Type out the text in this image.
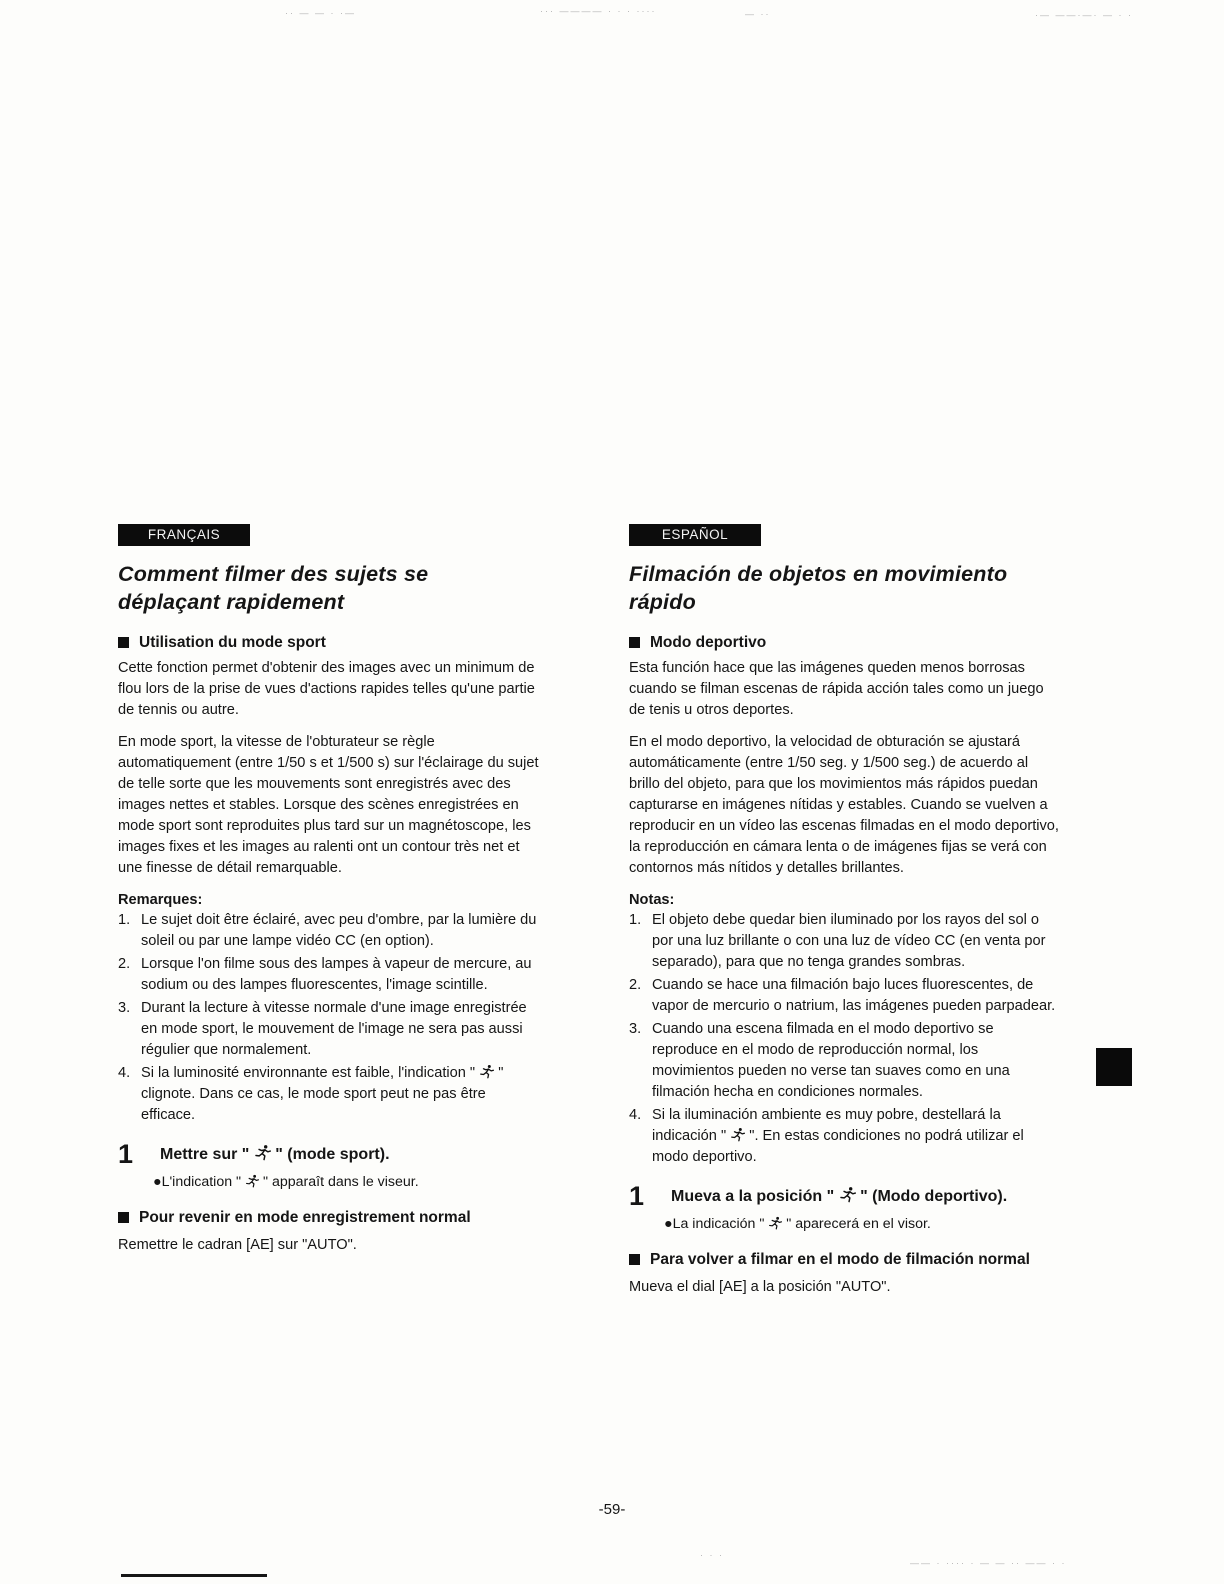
·· — — · ·—	··· ———— · · · ····	— ··	·— ——·—· — · ·
FRANÇAIS
Comment filmer des sujets se déplaçant rapidement
Utilisation du mode sport

Cette fonction permet d'obtenir des images avec un minimum de flou lors de la prise de vues d'actions rapides telles qu'une partie de tennis ou autre.

En mode sport, la vitesse de l'obturateur se règle automatiquement (entre 1/50 s et 1/500 s) sur l'éclairage du sujet de telle sorte que les mouvements sont enregistrés avec des images nettes et stables. Lorsque des scènes enregistrées en mode sport sont reproduites plus tard sur un magnétoscope, les images fixes et les images au ralenti ont un contour très net et une finesse de détail remarquable.

Remarques:
1. Le sujet doit être éclairé, avec peu d'ombre, par la lumière du soleil ou par une lampe vidéo CC (en option).
2. Lorsque l'on filme sous des lampes à vapeur de mercure, au sodium ou des lampes fluorescentes, l'image scintille.
3. Durant la lecture à vitesse normale d'une image enregistrée en mode sport, le mouvement de l'image ne sera pas aussi régulier que normalement.
4. Si la luminosité environnante est faible, l'indication "  " clignote. Dans ce cas, le mode sport peut ne pas être efficace.
1	Mettre sur "  " (mode sport).
●L'indication "  " apparaît dans le viseur.
Pour revenir en mode enregistrement normal

Remettre le cadran [AE] sur "AUTO".

ESPAÑOL
Filmación de objetos en movimiento rápido
Modo deportivo

Esta función hace que las imágenes queden menos borrosas cuando se filman escenas de rápida acción tales como un juego de tenis u otros deportes.

En el modo deportivo, la velocidad de obturación se ajustará automáticamente (entre 1/50 seg. y 1/500 seg.) de acuerdo al brillo del objeto, para que los movimientos más rápidos puedan capturarse en imágenes nítidas y estables. Cuando se vuelven a reproducir en un vídeo las escenas filmadas en el modo deportivo, la reproducción en cámara lenta o de imágenes fijas se verá con contornos más nítidos y detalles brillantes.

Notas:
1. El objeto debe quedar bien iluminado por los rayos del sol o por una luz brillante o con una luz de vídeo CC (en venta por separado), para que no tenga grandes sombras.
2. Cuando se hace una filmación bajo luces fluorescentes, de vapor de mercurio o natrium, las imágenes pueden parpadear.
3. Cuando una escena filmada en el modo deportivo se reproduce en el modo de reproducción normal, los movimientos pueden no verse tan suaves como en una filmación hecha en condiciones normales.
4. Si la iluminación ambiente es muy pobre, destellará la indicación "  ". En estas condiciones no podrá utilizar el modo deportivo.
1	Mueva a la posición "  " (Modo deportivo).
●La indicación "  " aparecerá en el visor.
Para volver a filmar en el modo de filmación normal

Mueva el dial [AE] a la posición "AUTO".

-59-
· · ·
—— · ···· · — — ·· —— · ·
